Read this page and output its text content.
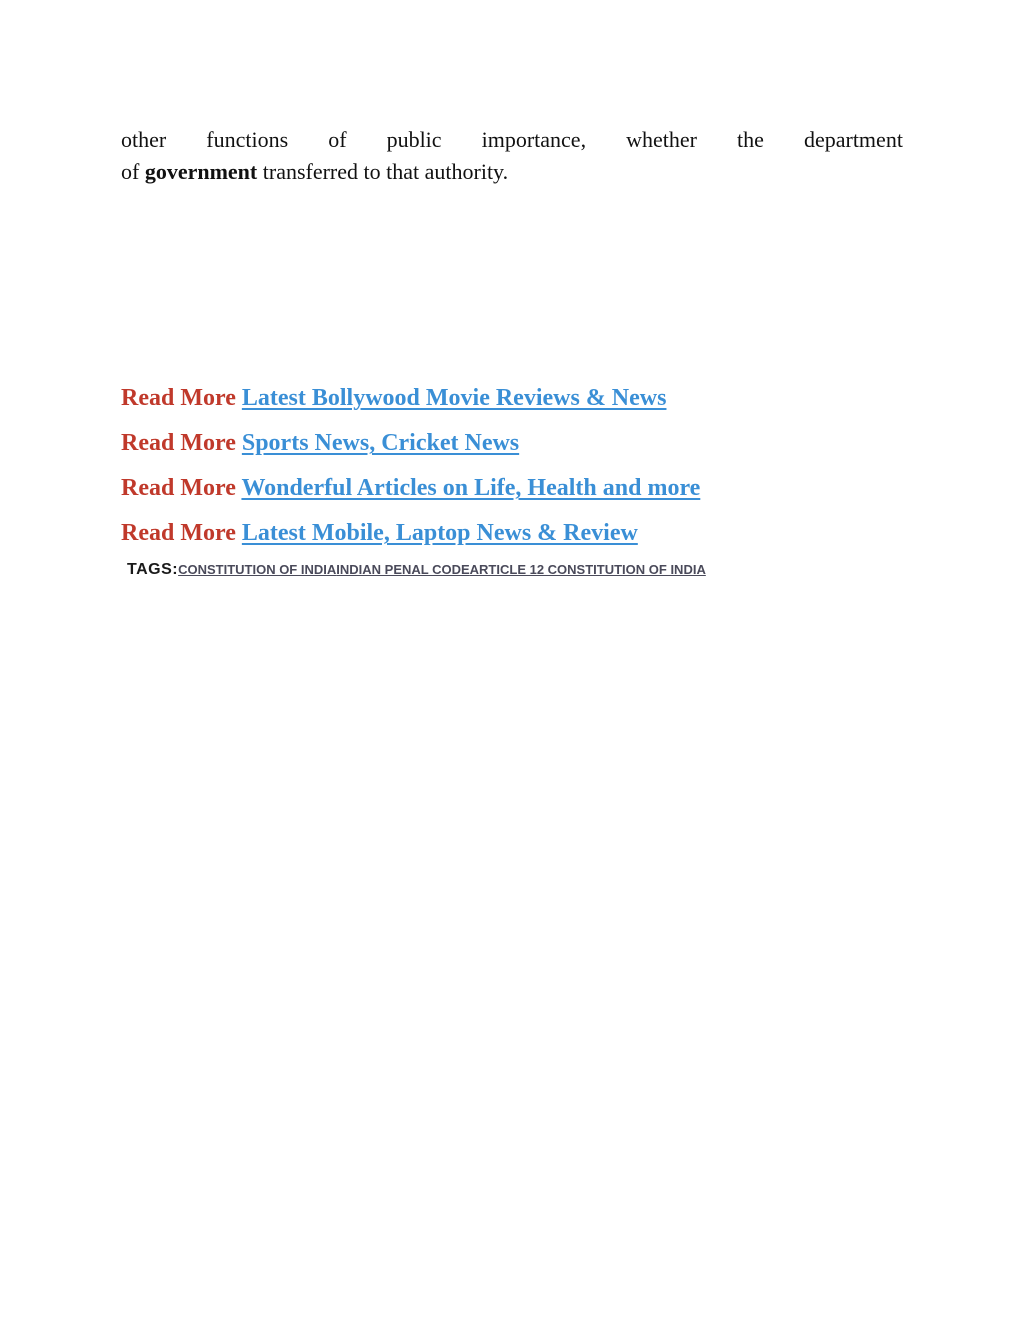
other functions of public importance, whether the department
of government transferred to that authority.
Read More Latest Bollywood Movie Reviews & News
Read More Sports News, Cricket News
Read More Wonderful Articles on Life, Health and more
Read More Latest Mobile, Laptop News & Review
TAGS:CONSTITUTION OF INDIAINDIAN PENAL CODEARTICLE 12 CONSTITUTION OF INDIA
